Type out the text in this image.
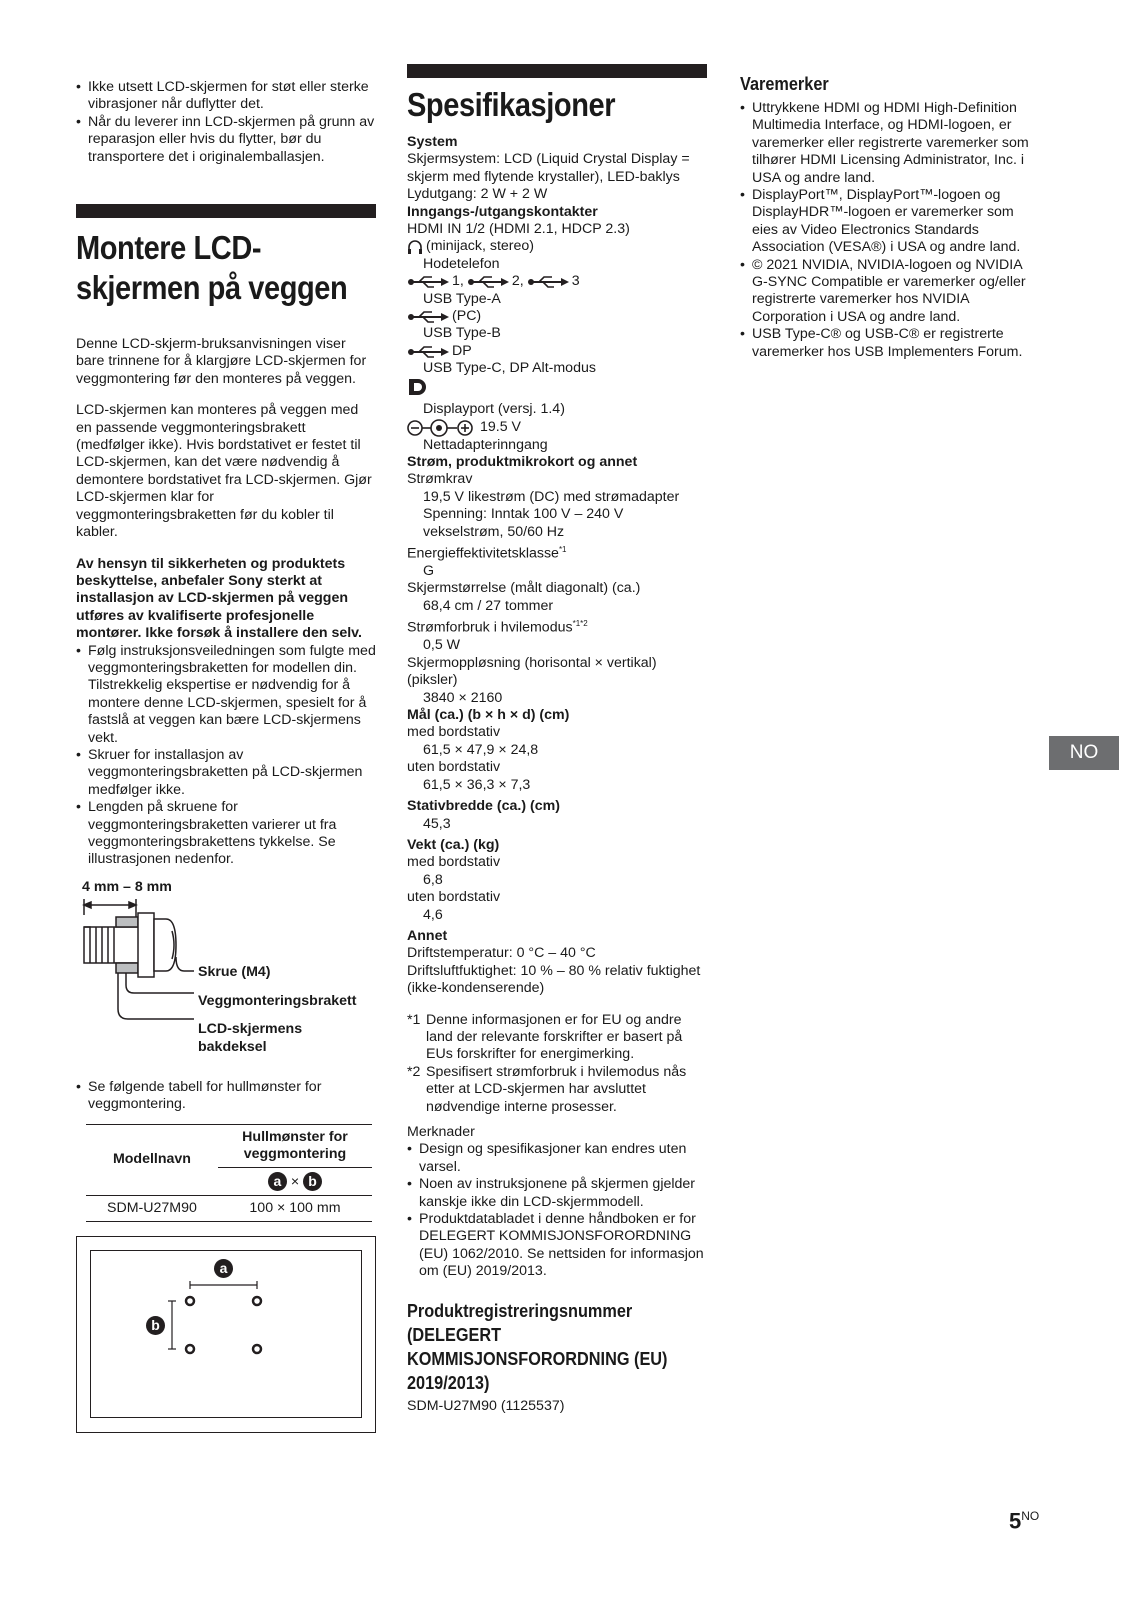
• Ikke utsett LCD-skjermen for støt eller sterke vibrasjoner når duflytter det.
• Når du leverer inn LCD-skjermen på grunn av reparasjon eller hvis du flytter, bør du transportere det i originalemballasjen.
Montere LCD-
skjermen på veggen

Denne LCD-skjerm-bruksanvisningen viser bare trinnene for å klargjøre LCD-skjermen for veggmontering før den monteres på veggen.

LCD-skjermen kan monteres på veggen med en passende veggmonteringsbrakett (medfølger ikke). Hvis bordstativet er festet til LCD-skjermen, kan det være nødvendig å demontere bordstativet fra LCD-skjermen. Gjør LCD-skjermen klar for veggmonteringsbraketten før du kobler til kabler.

Av hensyn til sikkerheten og produktets beskyttelse, anbefaler Sony sterkt at installasjon av LCD-skjermen på veggen utføres av kvalifiserte profesjonelle montører. Ikke forsøk å installere den selv.

• Følg instruksjonsveiledningen som fulgte med veggmonteringsbraketten for modellen din. Tilstrekkelig ekspertise er nødvendig for å montere denne LCD-skjermen, spesielt for å fastslå at veggen kan bære LCD-skjermens vekt.
• Skruer for installasjon av veggmonteringsbraketten på LCD-skjermen medfølger ikke.
• Lengden på skruene for veggmonteringsbraketten varierer ut fra veggmonteringsbrakettens tykkelse. Se illustrasjonen nedenfor.
4 mm – 8 mm
Skrue (M4)
Veggmonteringsbrakett
LCD-skjermens
bakdeksel
• Se følgende tabell for hullmønster for veggmontering.
Modellnavn	Hullmønster for
veggmontering
	a × b
SDM-U27M90	100 × 100 mm
a
b
Spesifikasjoner
System
Skjermsystem: LCD (Liquid Crystal Display = skjerm med flytende krystaller), LED-baklys
Lydutgang: 2 W + 2 W
Inngangs-/utgangskontakter
HDMI IN 1/2 (HDMI 2.1, HDCP 2.3)
(minijack, stereo)
Hodetelefon
1,	2,	3
USB Type-A
(PC)
USB Type-B
DP
USB Type-C, DP Alt-modus
Displayport (versj. 1.4)
19.5 V
Nettadapterinngang
Strøm, produktmikrokort og annet
Strømkrav
19,5 V likestrøm (DC) med strømadapter
Spenning: Inntak 100 V – 240 V
vekselstrøm, 50/60 Hz
Energieffektivitetsklasse$^{*1}$
G
Skjermstørrelse (målt diagonalt) (ca.)
68,4 cm / 27 tommer
Strømforbruk i hvilemodus$^{*1*2}$
0,5 W
Skjermoppløsning (horisontal × vertikal) (piksler)
3840 × 2160
Mål (ca.) (b × h × d) (cm)
med bordstativ
61,5 × 47,9 × 24,8
uten bordstativ
61,5 × 36,3 × 7,3
Stativbredde (ca.) (cm)
45,3
Vekt (ca.) (kg)
med bordstativ
6,8
uten bordstativ
4,6
Annet
Driftstemperatur: 0 °C – 40 °C
Driftsluftfuktighet: 10 % – 80 % relativ fuktighet (ikke-kondenserende)
*1 Denne informasjonen er for EU og andre land der relevante forskrifter er basert på EUs forskrifter for energimerking.
*2 Spesifisert strømforbruk i hvilemodus nås etter at LCD-skjermen har avsluttet nødvendige interne prosesser.
Merknader
• Design og spesifikasjoner kan endres uten varsel.
• Noen av instruksjonene på skjermen gjelder kanskje ikke din LCD-skjermmodell.
• Produktdatabladet i denne håndboken er for DELEGERT KOMMISJONSFORORDNING (EU) 1062/2010. Se nettsiden for informasjon om (EU) 2019/2013.
Produktregistreringsnummer
(DELEGERT
KOMMISJONSFORORDNING (EU)
2019/2013)
SDM-U27M90 (1125537)
Varemerker
• Uttrykkene HDMI og HDMI High-Definition Multimedia Interface, og HDMI-logoen, er varemerker eller registrerte varemerker som tilhører HDMI Licensing Administrator, Inc. i USA og andre land.
• DisplayPort™, DisplayPort™-logoen og DisplayHDR™-logoen er varemerker som eies av Video Electronics Standards Association (VESA®) i USA og andre land.
• © 2021 NVIDIA, NVIDIA-logoen og NVIDIA G-SYNC Compatible er varemerker og/eller registrerte varemerker hos NVIDIA Corporation i USA og andre land.
• USB Type-C® og USB-C® er registrerte varemerker hos USB Implementers Forum.
NO
$5^{NO}$
